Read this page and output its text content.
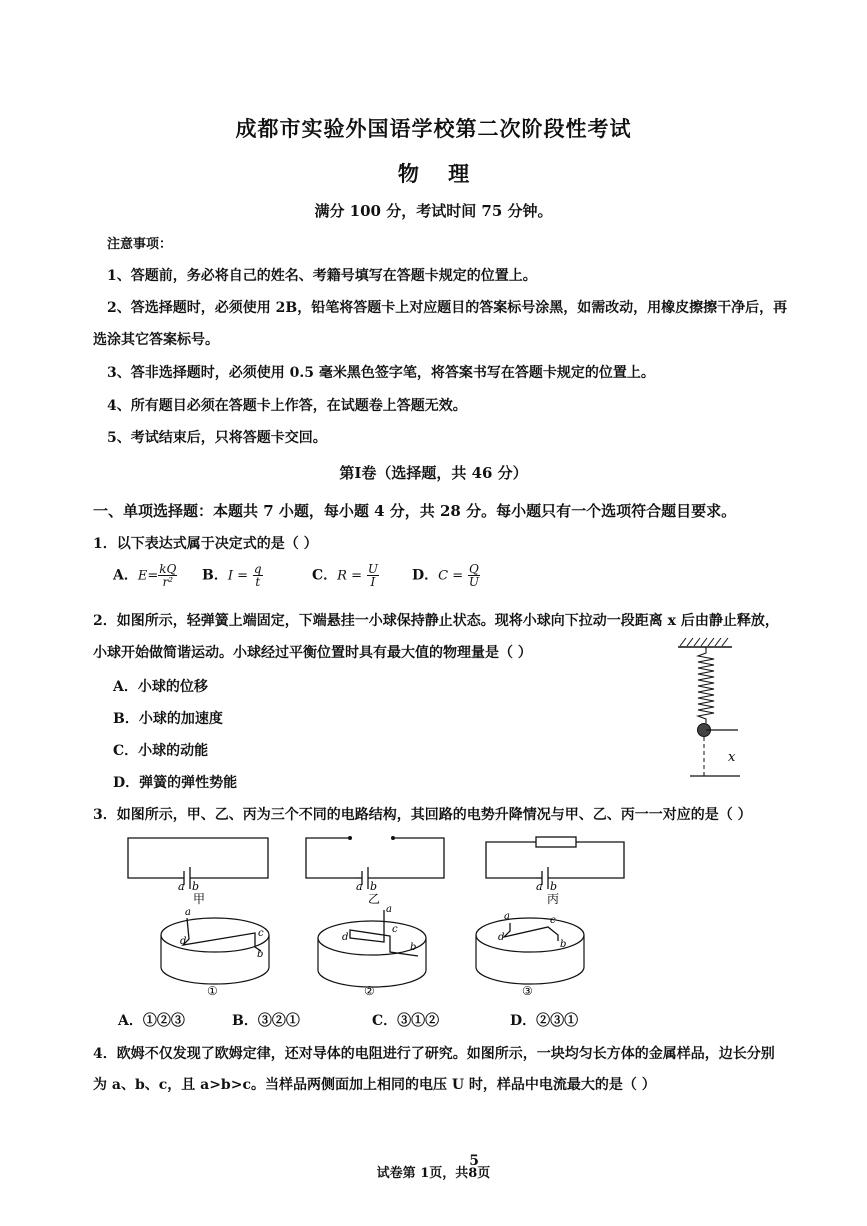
成都市实验外国语学校第二次阶段性考试
物    理
满分 100 分，考试时间 75 分钟。
注意事项：
1、答题前，务必将自己的姓名、考籍号填写在答题卡规定的位置上。
2、答选择题时，必须使用 2B，铅笔将答题卡上对应题目的答案标号涂黑，如需改动，用橡皮擦擦干净后，再
选涂其它答案标号。
3、答非选择题时，必须使用 0.5 毫米黑色签字笔，将答案书写在答题卡规定的位置上。
4、所有题目必须在答题卡上作答，在试题卷上答题无效。
5、考试结束后，只将答题卡交回。
第Ⅰ卷（选择题，共 46 分）
一、单项选择题：本题共 7 小题，每小题 4 分，共 28 分。每小题只有一个选项符合题目要求。
1．以下表达式属于决定式的是（ ）
A．$E= \frac{kQ}{\text{r²}}$ B．$I = \frac{q}{t}$	C．$R = \frac{U}{I}$ D．$C = \frac{Q}{U}$
2．如图所示，轻弹簧上端固定，下端悬挂一小球保持静止状态。现将小球向下拉动一段距离 x 后由静止释放，
小球开始做简谐运动。小球经过平衡位置时具有最大值的物理量是（ ）
A．小球的位移
B．小球的加速度
C．小球的动能
D．弹簧的弹性势能
x
3．如图所示，甲、乙、丙为三个不同的电路结构，其回路的电势升降情况与甲、乙、丙一一对应的是（ ）
a b
甲
a b
乙
a b
丙
a
d
c
b
①
a
d
c
b
②
a
d
c
b
③
A．①②③	B．③②①	C．③①②	D．②③①
4．欧姆不仅发现了欧姆定律，还对导体的电阻进行了研究。如图所示，一块均匀长方体的金属样品，边长分别
为 a、b、c，且 a>b>c。当样品两侧面加上相同的电压 U 时，样品中电流最大的是（ ）
试卷第 1页，共8
5
页
